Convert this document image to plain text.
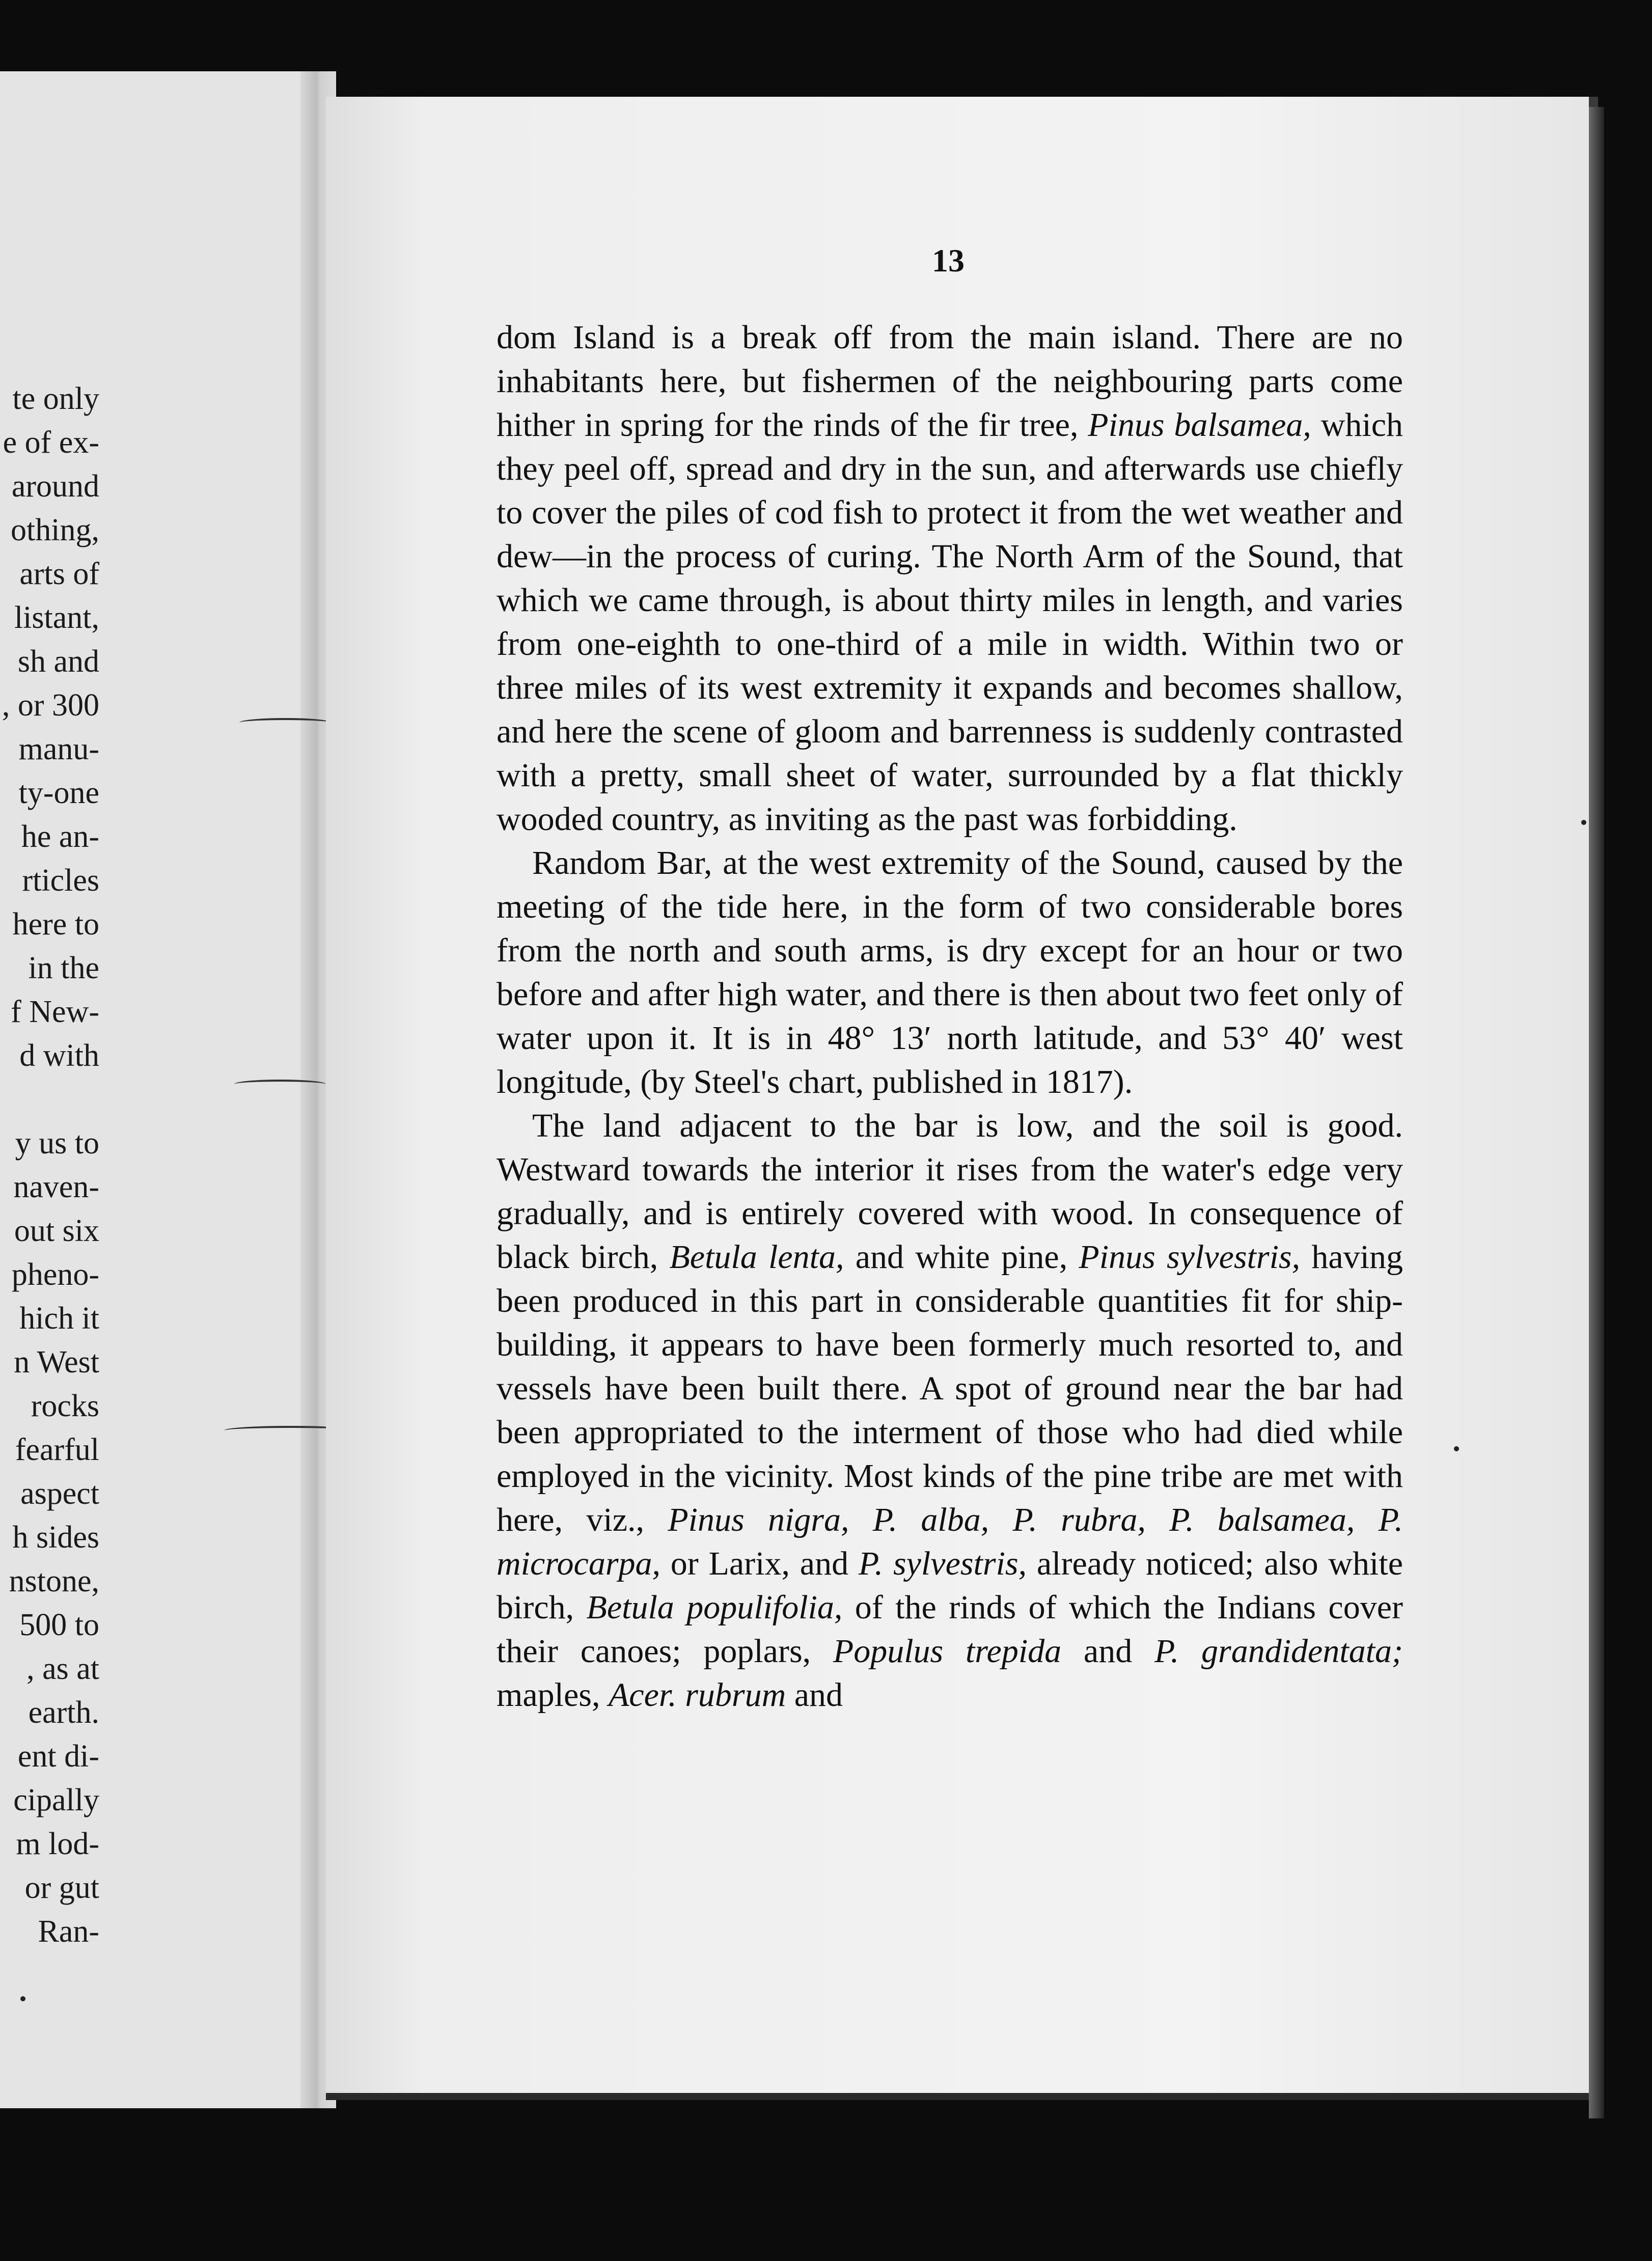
te only
e of ex-
around
othing,
arts of
listant,
sh and
, or 300
manu-
ty-one
he an-
rticles
here to
in the
f New-
d with
y us to
naven-
out six
pheno-
hich it
n West
rocks
fearful
aspect
h sides
nstone,
500 to
, as at
earth.
ent di-
cipally
m lod-
or gut
Ran-
13

dom Island is a break off from the main island. There are no inhabitants here, but fishermen of the neighbouring parts come hither in spring for the rinds of the fir tree, Pinus balsamea, which they peel off, spread and dry in the sun, and afterwards use chiefly to cover the piles of cod fish to protect it from the wet weather and dew—in the process of curing. The North Arm of the Sound, that which we came through, is about thirty miles in length, and varies from one-eighth to one-third of a mile in width. Within two or three miles of its west extremity it expands and becomes shallow, and here the scene of gloom and barrenness is suddenly contrasted with a pretty, small sheet of water, surrounded by a flat thickly wooded country, as inviting as the past was forbidding.

Random Bar, at the west extremity of the Sound, caused by the meeting of the tide here, in the form of two considerable bores from the north and south arms, is dry except for an hour or two before and after high water, and there is then about two feet only of water upon it. It is in 48° 13′ north latitude, and 53° 40′ west longitude, (by Steel's chart, published in 1817).

The land adjacent to the bar is low, and the soil is good. Westward towards the interior it rises from the water's edge very gradually, and is entirely covered with wood. In consequence of black birch, Betula lenta, and white pine, Pinus sylvestris, having been produced in this part in considerable quantities fit for ship-building, it appears to have been formerly much resorted to, and vessels have been built there. A spot of ground near the bar had been appropriated to the interment of those who had died while employed in the vicinity. Most kinds of the pine tribe are met with here, viz., Pinus nigra, P. alba, P. rubra, P. balsamea, P. microcarpa, or Larix, and P. sylvestris, already noticed; also white birch, Betula populifolia, of the rinds of which the Indians cover their canoes; poplars, Populus trepida and P. grandidentata; maples, Acer. rubrum and
